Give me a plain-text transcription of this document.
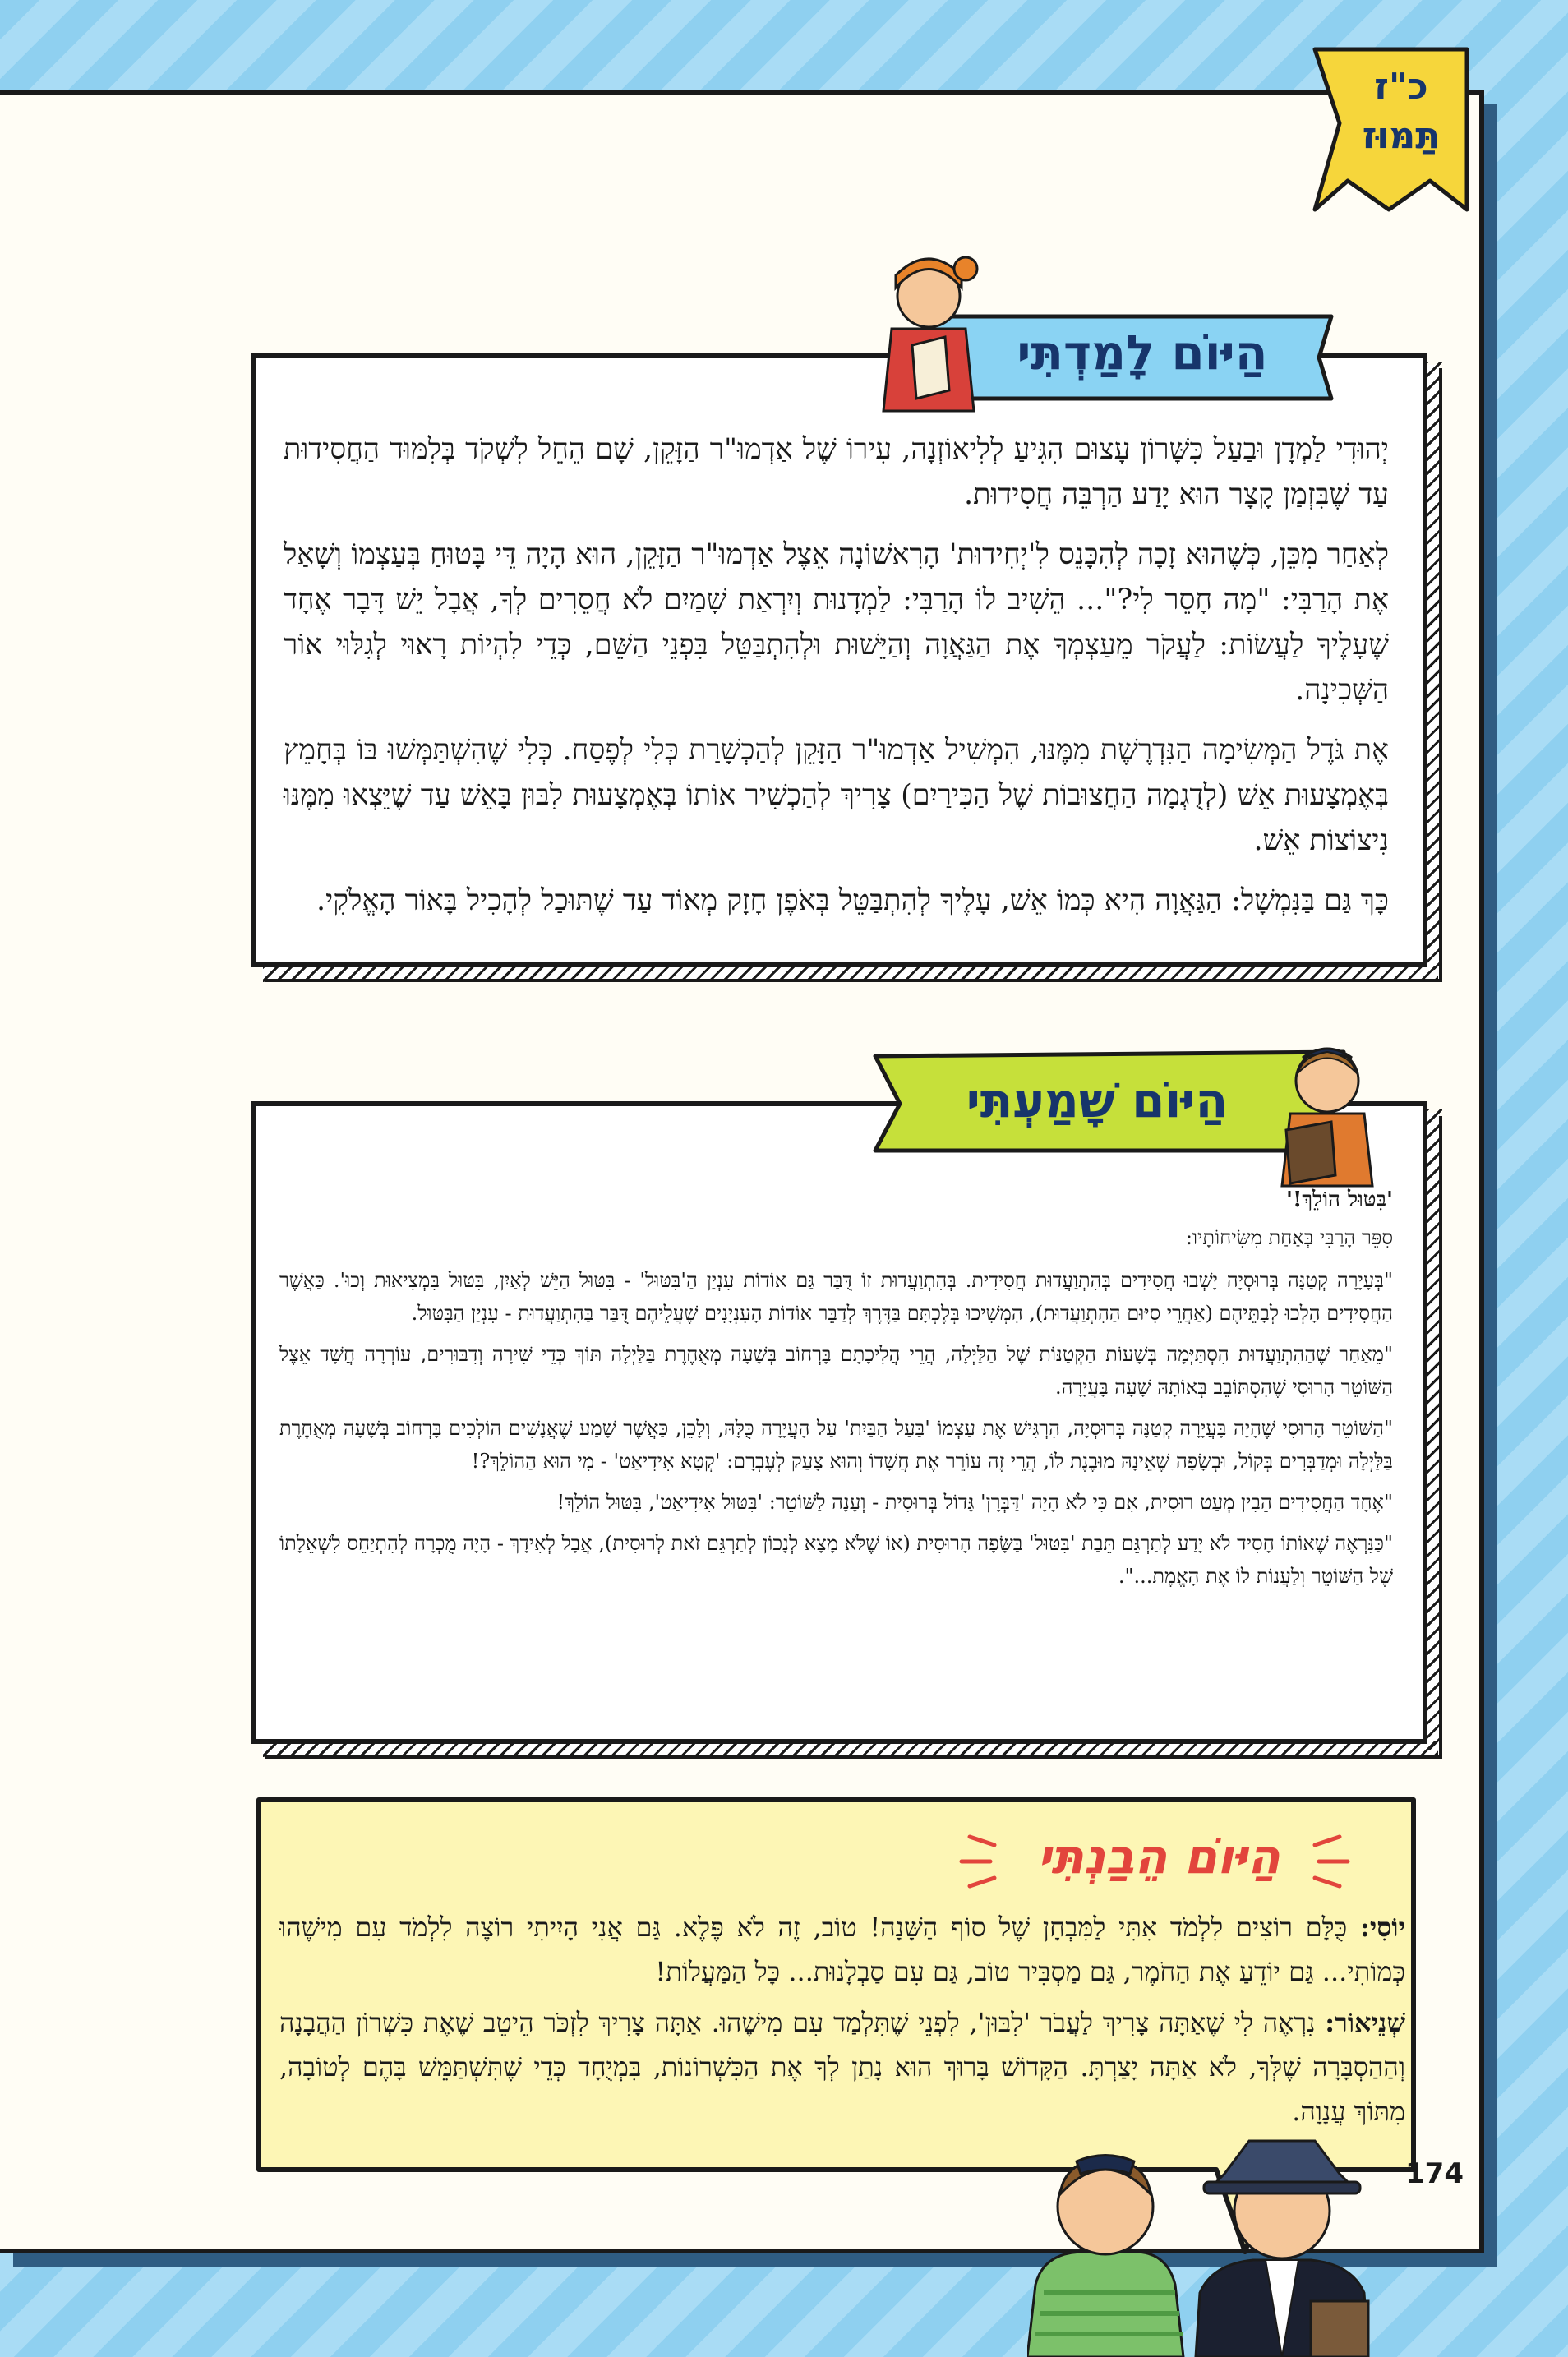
כ"ז
תַּמּוּז
הַיּוֹם לָמַדְתִּי

יְהוּדִי לַמְדָן וּבַעַל כִּשָּׁרוֹן עָצוּם הִגִּיעַ לְלִיאוֹזְנָה, עִירוֹ שֶׁל אַדְמוּ"ר הַזָּקֵן, שָׁם הֵחֵל לִשְׁקֹד בְּלִמּוּד הַחֲסִידוּת עַד שֶׁבִּזְמַן קָצָר הוּא יָדַע הַרְבֵּה חֲסִידוּת.

לְאַחַר מִכֵּן, כְּשֶׁהוּא זָכָה לְהִכָּנֵס לִ'יְחִידוּת' הָרִאשׁוֹנָה אֵצֶל אַדְמוּ"ר הַזָּקֵן, הוּא הָיָה דֵּי בָּטוּחַ בְּעַצְמוֹ וְשָׁאַל אֶת הָרַבִּי: "מָה חָסֵר לִי?"... הֵשִׁיב לוֹ הָרַבִּי: לַמְדָנוּת וְיִרְאַת שָׁמַיִם לֹא חֲסֵרִים לְךָ, אֲבָל יֵשׁ דָּבָר אֶחָד שֶׁעָלֶיךָ לַעֲשׂוֹת: לַעֲקֹר מֵעַצְמְךָ אֶת הַגַּאֲוָה וְהַיֵּשׁוּת וּלְהִתְבַּטֵּל בִּפְנֵי הַשֵּׁם, כְּדֵי לִהְיוֹת רָאוּי לְגִלּוּי אוֹר הַשְּׁכִינָה.

אֶת גֹּדֶל הַמְּשִׂימָה הַנִּדְרֶשֶׁת מִמֶּנּוּ, הִמְשִׁיל אַדְמוּ"ר הַזָּקֵן לְהַכְשָׁרַת כְּלִי לְפֶסַח. כְּלִי שֶׁהִשְׁתַּמְּשׁוּ בּוֹ בְּחָמֵץ בְּאֶמְצָעוּת אֵשׁ (לְדֻגְמָה הַחֲצוּבוֹת שֶׁל הַכִּירַיִם) צָרִיךְ לְהַכְשִׁיר אוֹתוֹ בְּאֶמְצָעוּת לִבּוּן בָּאֵשׁ עַד שֶׁיֵּצְאוּ מִמֶּנּוּ נִיצוֹצוֹת אֵשׁ.

כָּךְ גַּם בַּנִּמְשָׁל: הַגַּאֲוָה הִיא כְּמוֹ אֵשׁ, עָלֶיךָ לְהִתְבַּטֵּל בְּאֹפֶן חָזָק מְאוֹד עַד שֶׁתּוּכַל לְהָכִיל בָּאוֹר הָאֱלֹקִי.

הַיּוֹם שָׁמַעְתִּי

'בִּטּוּל הוֹלֵךְ!'

סִפֵּר הָרַבִּי בְּאַחַת מִשִּׂיחוֹתָיו:

"בְּעָיָרָה קְטַנָּה בְּרוּסְיָה יָשְׁבוּ חֲסִידִים בְּהִתְוַעֲדוּת חֲסִידִית. בְּהִתְוַעֲדוּת זוֹ דֻּבַּר גַּם אוֹדוֹת עִנְיַן הַ'בִּטּוּל' - בִּטּוּל הַיֵּשׁ לְאַיִן, בִּטּוּל בִּמְצִיאוּת וְכוּ'. כַּאֲשֶׁר הַחֲסִידִים הָלְכוּ לְבָתֵּיהֶם (אַחֲרֵי סִיּוּם הַהִתְוַעֲדוּת), הִמְשִׁיכוּ בְּלֶכְתָּם בַּדֶּרֶךְ לְדַבֵּר אוֹדוֹת הָעִנְיָנִים שֶׁעֲלֵיהֶם דֻּבַּר בַּהִתְוַעֲדוּת - עִנְיַן הַבִּטּוּל.

"מֵאַחַר שֶׁהַהִתְוַעֲדוּת הִסְתַּיְּמָה בְּשָׁעוֹת הַקְּטַנּוֹת שֶׁל הַלַּיְלָה, הֲרֵי הֲלִיכָתָם בָּרְחוֹב בְּשָׁעָה מְאֻחֶרֶת בַּלַּיְלָה תּוֹךְ כְּדֵי שִׁירָה וְדִבּוּרִים, עוֹרְרָה חֲשָׁד אֵצֶל הַשּׁוֹטֵר הָרוּסִי שֶׁהִסְתּוֹבֵב בְּאוֹתָהּ שָׁעָה בָּעֲיָרָה.

"הַשּׁוֹטֵר הָרוּסִי שֶׁהָיָה בָּעֲיָרָה קְטַנָּה בְּרוּסְיָה, הִרְגִּישׁ אֶת עַצְמוֹ 'בַּעַל הַבַּיִת' עַל הָעֲיָרָה כֻּלָּהּ, וְלָכֵן, כַּאֲשֶׁר שָׁמַע שֶׁאֲנָשִׁים הוֹלְכִים בָּרְחוֹב בְּשָׁעָה מְאֻחֶרֶת בַּלַּיְלָה וּמְדַבְּרִים בְּקוֹל, וּבְשָׂפָה שֶׁאֵינָהּ מוּבֶנֶת לוֹ, הֲרֵי זֶה עוֹרֵר אֶת חֲשָׁדוֹ וְהוּא צָעַק לְעֶבְרָם: 'קְטָא אִידִיאַט' - מִי הוּא הַהוֹלֵךְ?!

"אֶחָד הַחֲסִידִים הֵבִין מְעַט רוּסִית, אִם כִּי לֹא הָיָה 'דַּבְּרָן' גָּדוֹל בְּרוּסִית - וְעָנָה לַשּׁוֹטֵר: 'בִּטּוּל אִידִיאַט', בִּטּוּל הוֹלֵךְ!

"כַּנִּרְאֶה שֶׁאוֹתוֹ חָסִיד לֹא יָדַע לְתַרְגֵּם תֵּבַת 'בִּטּוּל' בַּשָּׂפָה הָרוּסִית (אוֹ שֶׁלֹּא מָצָא לְנָכוֹן לְתַרְגֵּם זֹאת לְרוּסִית), אֲבָל לְאִידָךְ - הָיָה מֻכְרָח לְהִתְיַחֵס לִשְׁאֵלָתוֹ שֶׁל הַשּׁוֹטֵר וְלַעֲנוֹת לוֹ אֶת הָאֱמֶת...".

הַיּוֹם הֵבַנְתִּי

יוֹסִי: כֻּלָּם רוֹצִים לִלְמֹד אִתִּי לַמִּבְחָן שֶׁל סוֹף הַשָּׁנָה! טוֹב, זֶה לֹא פֶּלֶא. גַּם אֲנִי הָיִיתִי רוֹצֶה לִלְמֹד עִם מִישֶׁהוּ כְּמוֹתִי... גַּם יוֹדֵעַ אֶת הַחֹמֶר, גַּם מַסְבִּיר טוֹב, גַּם עִם סַבְלָנוּת... כָּל הַמַּעֲלוֹת!

שְׁנֵיאוֹר: נִרְאֶה לִי שֶׁאַתָּה צָרִיךְ לַעֲבֹר 'לִבּוּן', לִפְנֵי שֶׁתִּלְמַד עִם מִישֶׁהוּ. אַתָּה צָרִיךְ לִזְכֹּר הֵיטֵב שֶׁאֶת כִּשְׁרוֹן הַהֲבָנָה וְהַהַסְבָּרָה שֶׁלְּךָ, לֹא אַתָּה יָצַרְתָּ. הַקָּדוֹשׁ בָּרוּךְ הוּא נָתַן לְךָ אֶת הַכִּשְׁרוֹנוֹת, בִּמְיֻחָד כְּדֵי שֶׁתִּשְׁתַּמֵּשׁ בָּהֶם לְטוֹבָה, מִתּוֹךְ עֲנָוָה.

174
